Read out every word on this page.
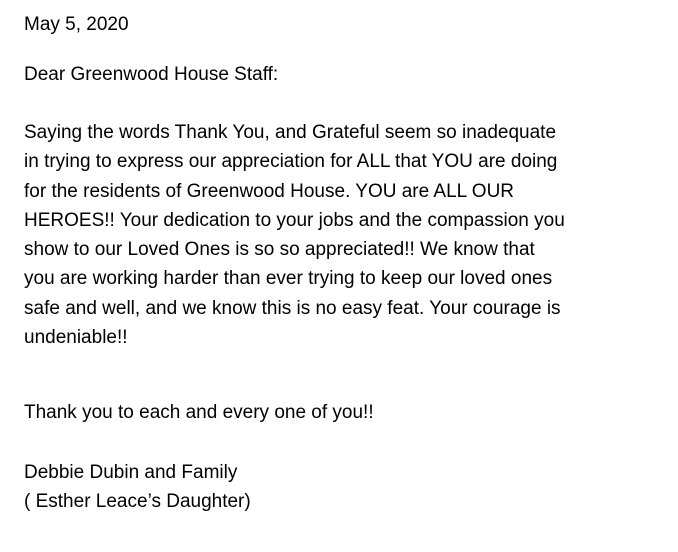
May 5, 2020
Dear Greenwood House Staff:
Saying the words Thank You, and Grateful seem so inadequate
in trying to express our appreciation for ALL that YOU are doing
for the residents of Greenwood House. YOU are ALL OUR
HEROES!! Your dedication to your jobs and the compassion you
show to our Loved Ones is so so appreciated!! We know that
you are working harder than ever trying to keep our loved ones
safe and well, and we know this is no easy feat. Your courage is
undeniable!!
Thank you to each and every one of you!!
Debbie Dubin and Family
( Esther Leace’s Daughter)
